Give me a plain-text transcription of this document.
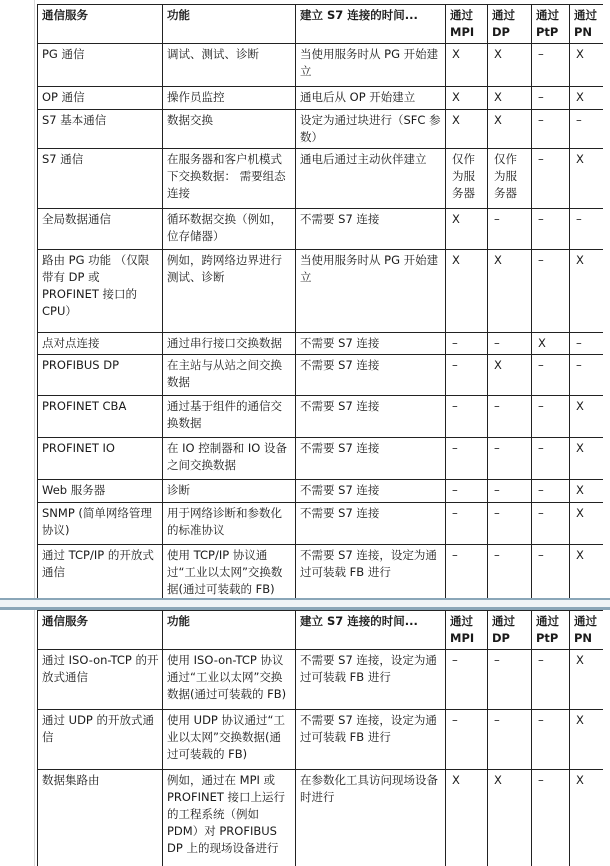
通信服务	功能	建立 S7 连接的时间...	通过 MPI	通过 DP	通过 PtP	通过 PN
PG 通信	调试、测试、诊断	当使用服务时从 PG 开始建立	X	X	–	X
OP 通信	操作员监控	通电后从 OP 开始建立	X	X	–	X
S7 基本通信	数据交换	设定为通过块进行（SFC 参数）	X	X	–	–
S7 通信	在服务器和客户机模式下交换数据： 需要组态连接	通电后通过主动伙伴建立	仅作为服务器	仅作为服务器	–	X
全局数据通信	循环数据交换（例如，位存储器）	不需要 S7 连接	X	–	–	–
路由 PG 功能 （仅限带有 DP 或 PROFINET 接口的 CPU）	例如，跨网络边界进行测试、诊断	当使用服务时从 PG 开始建立	X	X	–	X
点对点连接	通过串行接口交换数据	不需要 S7 连接	–	–	X	–
PROFIBUS DP	在主站与从站之间交换数据	不需要 S7 连接	–	X	–	–
PROFINET CBA	通过基于组件的通信交换数据	不需要 S7 连接	–	–	–	X
PROFINET IO	在 IO 控制器和 IO 设备之间交换数据	不需要 S7 连接	–	–	–	X
Web 服务器	诊断	不需要 S7 连接	–	–	–	X
SNMP (简单网络管理协议)	用于网络诊断和参数化的标准协议	不需要 S7 连接	–	–	–	X
通过 TCP/IP 的开放式通信	使用 TCP/IP 协议通过“工业以太网”交换数据(通过可装载的 FB)	不需要 S7 连接，设定为通过可装载 FB 进行	–	–	–	X
通信服务	功能	建立 S7 连接的时间...	通过 MPI	通过 DP	通过 PtP	通过 PN
通过 ISO-on-TCP 的开放式通信	使用 ISO-on-TCP 协议通过“工业以太网”交换数据(通过可装载的 FB)	不需要 S7 连接，设定为通过可装载 FB 进行	–	–	–	X
通过 UDP 的开放式通信	使用 UDP 协议通过“工业以太网”交换数据(通过可装载的 FB)	不需要 S7 连接，设定为通过可装载 FB 进行	–	–	–	X
数据集路由	例如，通过在 MPI 或 PROFINET 接口上运行的工程系统（例如 PDM）对 PROFIBUS DP 上的现场设备进行	在参数化工具访问现场设备时进行	X	X	–	X
